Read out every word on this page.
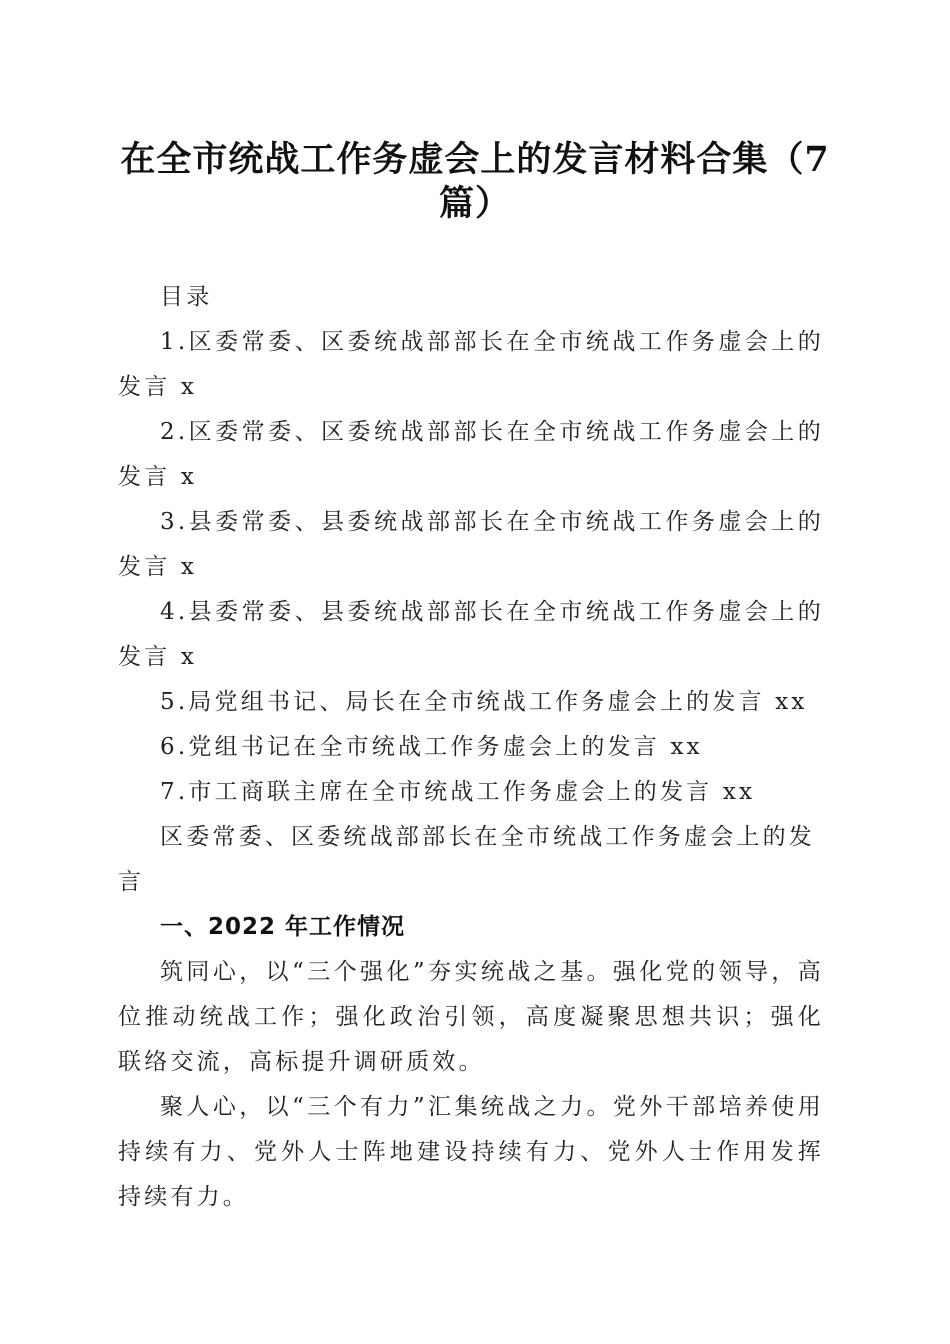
在全市统战工作务虚会上的发言材料合集（7篇）

目录

1.区委常委、区委统战部部长在全市统战工作务虚会上的发言 x

2.区委常委、区委统战部部长在全市统战工作务虚会上的发言 x

3.县委常委、县委统战部部长在全市统战工作务虚会上的发言 x

4.县委常委、县委统战部部长在全市统战工作务虚会上的发言 x

5.局党组书记、局长在全市统战工作务虚会上的发言 xx

6.党组书记在全市统战工作务虚会上的发言 xx

7.市工商联主席在全市统战工作务虚会上的发言 xx

区委常委、区委统战部部长在全市统战工作务虚会上的发言

一、2022 年工作情况

筑同心，以“三个强化”夯实统战之基。强化党的领导，高位推动统战工作；强化政治引领，高度凝聚思想共识；强化联络交流，高标提升调研质效。

聚人心，以“三个有力”汇集统战之力。党外干部培养使用持续有力、党外人士阵地建设持续有力、党外人士作用发挥持续有力。
